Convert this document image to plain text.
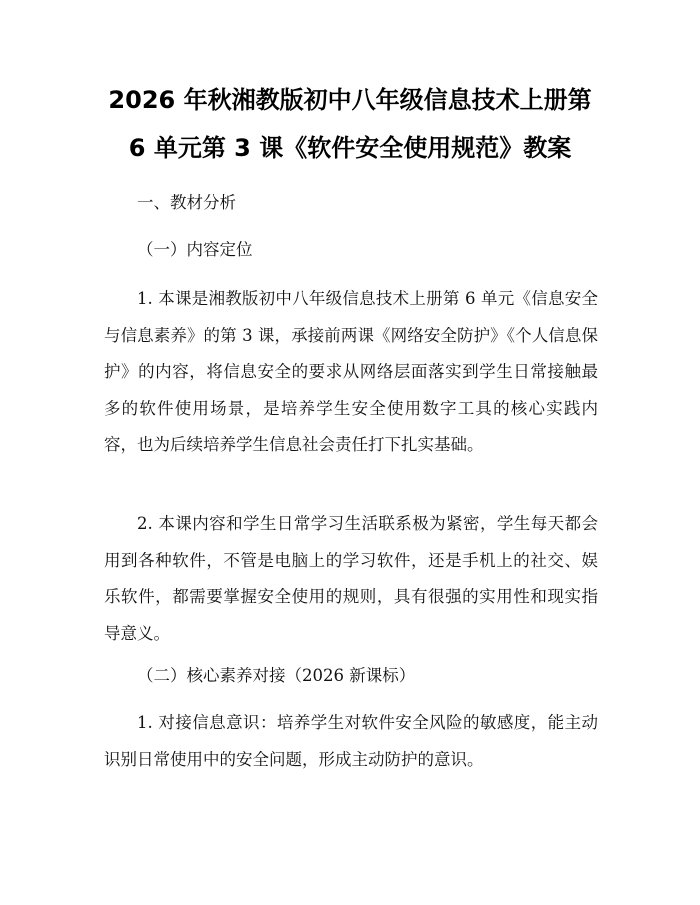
2026 年秋湘教版初中八年级信息技术上册第
6 单元第 3 课《软件安全使用规范》教案
一、教材分析
（一）内容定位
1. 本课是湘教版初中八年级信息技术上册第 6 单元《信息安全与信息素养》的第 3 课，承接前两课《网络安全防护》《个人信息保护》的内容，将信息安全的要求从网络层面落实到学生日常接触最多的软件使用场景，是培养学生安全使用数字工具的核心实践内容，也为后续培养学生信息社会责任打下扎实基础。
2. 本课内容和学生日常学习生活联系极为紧密，学生每天都会用到各种软件，不管是电脑上的学习软件，还是手机上的社交、娱乐软件，都需要掌握安全使用的规则，具有很强的实用性和现实指导意义。
（二）核心素养对接（2026 新课标）
1. 对接信息意识：培养学生对软件安全风险的敏感度，能主动识别日常使用中的安全问题，形成主动防护的意识。
